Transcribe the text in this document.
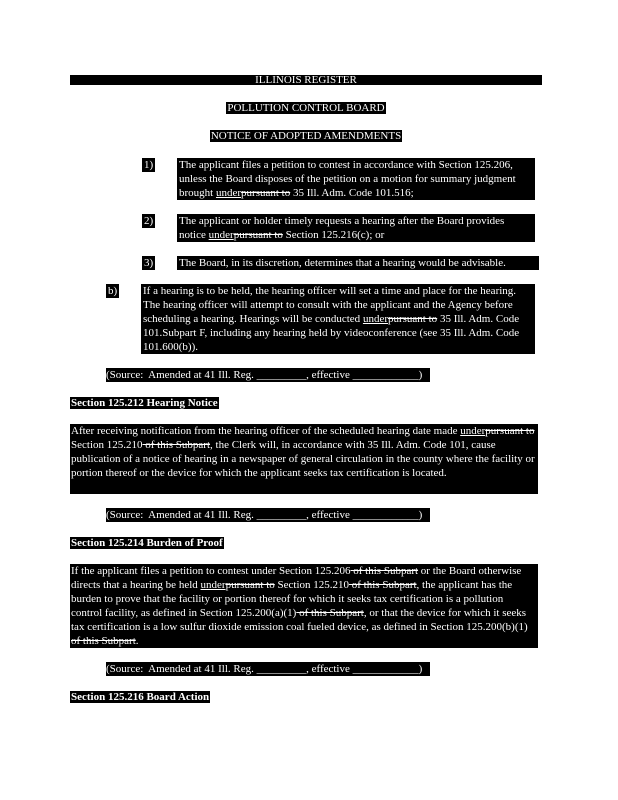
ILLINOIS REGISTER
POLLUTION CONTROL BOARD
NOTICE OF ADOPTED AMENDMENTS
1) The applicant files a petition to contest in accordance with Section 125.206, unless the Board disposes of the petition on a motion for summary judgment brought underpursuant to 35 Ill. Adm. Code 101.516;
2) The applicant or holder timely requests a hearing after the Board provides notice underpursuant to Section 125.216(c); or
3) The Board, in its discretion, determines that a hearing would be advisable.
b) If a hearing is to be held, the hearing officer will set a time and place for the hearing. The hearing officer will attempt to consult with the applicant and the Agency before scheduling a hearing. Hearings will be conducted underpursuant to 35 Ill. Adm. Code 101.Subpart F, including any hearing held by videoconference (see 35 Ill. Adm. Code 101.600(b)).
(Source:  Amended at 41 Ill. Reg. _________, effective ____________)
Section 125.212 Hearing Notice
After receiving notification from the hearing officer of the scheduled hearing date made underpursuant to Section 125.210 of this Subpart, the Clerk will, in accordance with 35 Ill. Adm. Code 101, cause publication of a notice of hearing in a newspaper of general circulation in the county where the facility or portion thereof or the device for which the applicant seeks tax certification is located.
(Source:  Amended at 41 Ill. Reg. _________, effective ____________)
Section 125.214 Burden of Proof
If the applicant files a petition to contest under Section 125.206 of this Subpart or the Board otherwise directs that a hearing be held underpursuant to Section 125.210 of this Subpart, the applicant has the burden to prove that the facility or portion thereof for which it seeks tax certification is a pollution control facility, as defined in Section 125.200(a)(1) of this Subpart, or that the device for which it seeks tax certification is a low sulfur dioxide emission coal fueled device, as defined in Section 125.200(b)(1) of this Subpart.
(Source:  Amended at 41 Ill. Reg. _________, effective ____________)
Section 125.216 Board Action
